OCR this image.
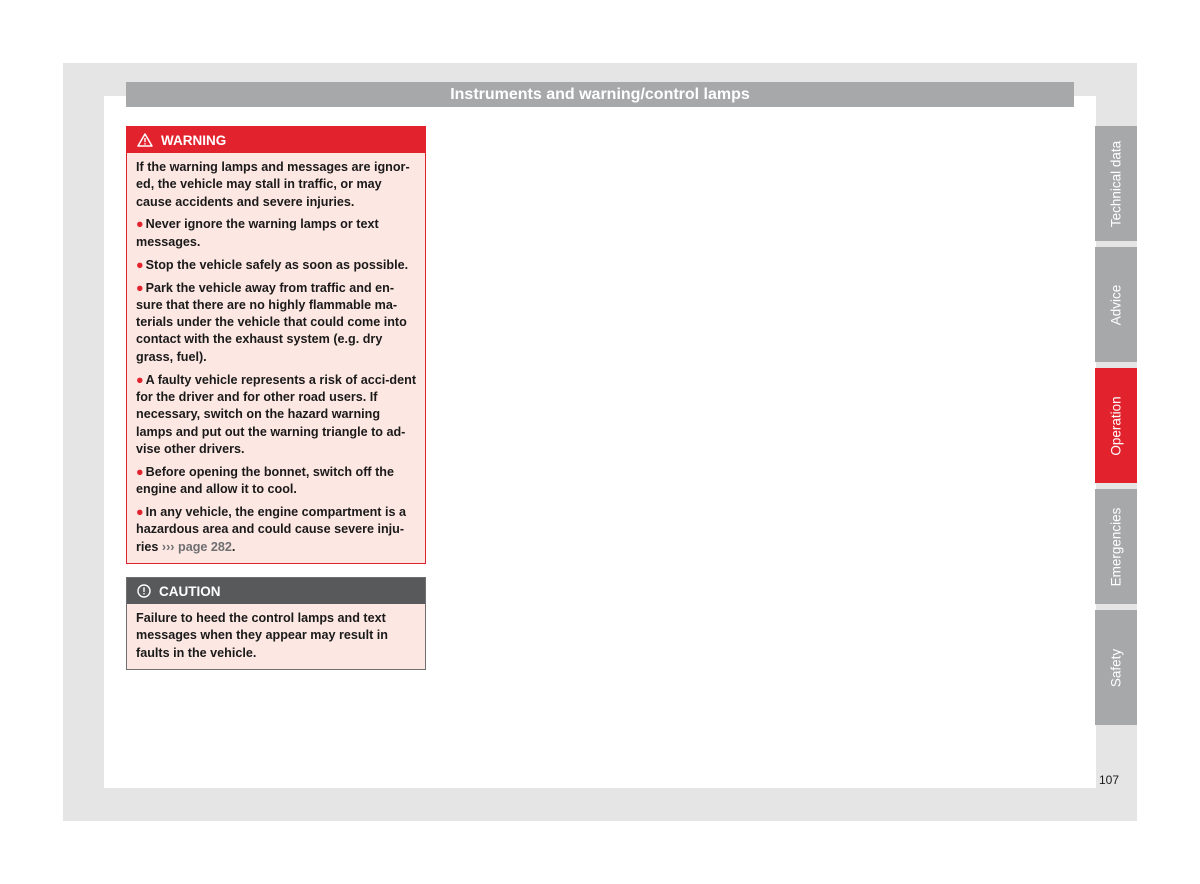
Instruments and warning/control lamps
WARNING

If the warning lamps and messages are ignor-ed, the vehicle may stall in traffic, or may cause accidents and severe injuries.

● Never ignore the warning lamps or text messages.

● Stop the vehicle safely as soon as possible.

● Park the vehicle away from traffic and en-sure that there are no highly flammable ma-terials under the vehicle that could come into contact with the exhaust system (e.g. dry grass, fuel).

● A faulty vehicle represents a risk of acci-dent for the driver and for other road users. If necessary, switch on the hazard warning lamps and put out the warning triangle to ad-vise other drivers.

● Before opening the bonnet, switch off the engine and allow it to cool.

● In any vehicle, the engine compartment is a hazardous area and could cause severe inju-ries ››› page 282.

CAUTION

Failure to heed the control lamps and text messages when they appear may result in faults in the vehicle.

Technical data
Advice
Operation
Emergencies
Safety
107
